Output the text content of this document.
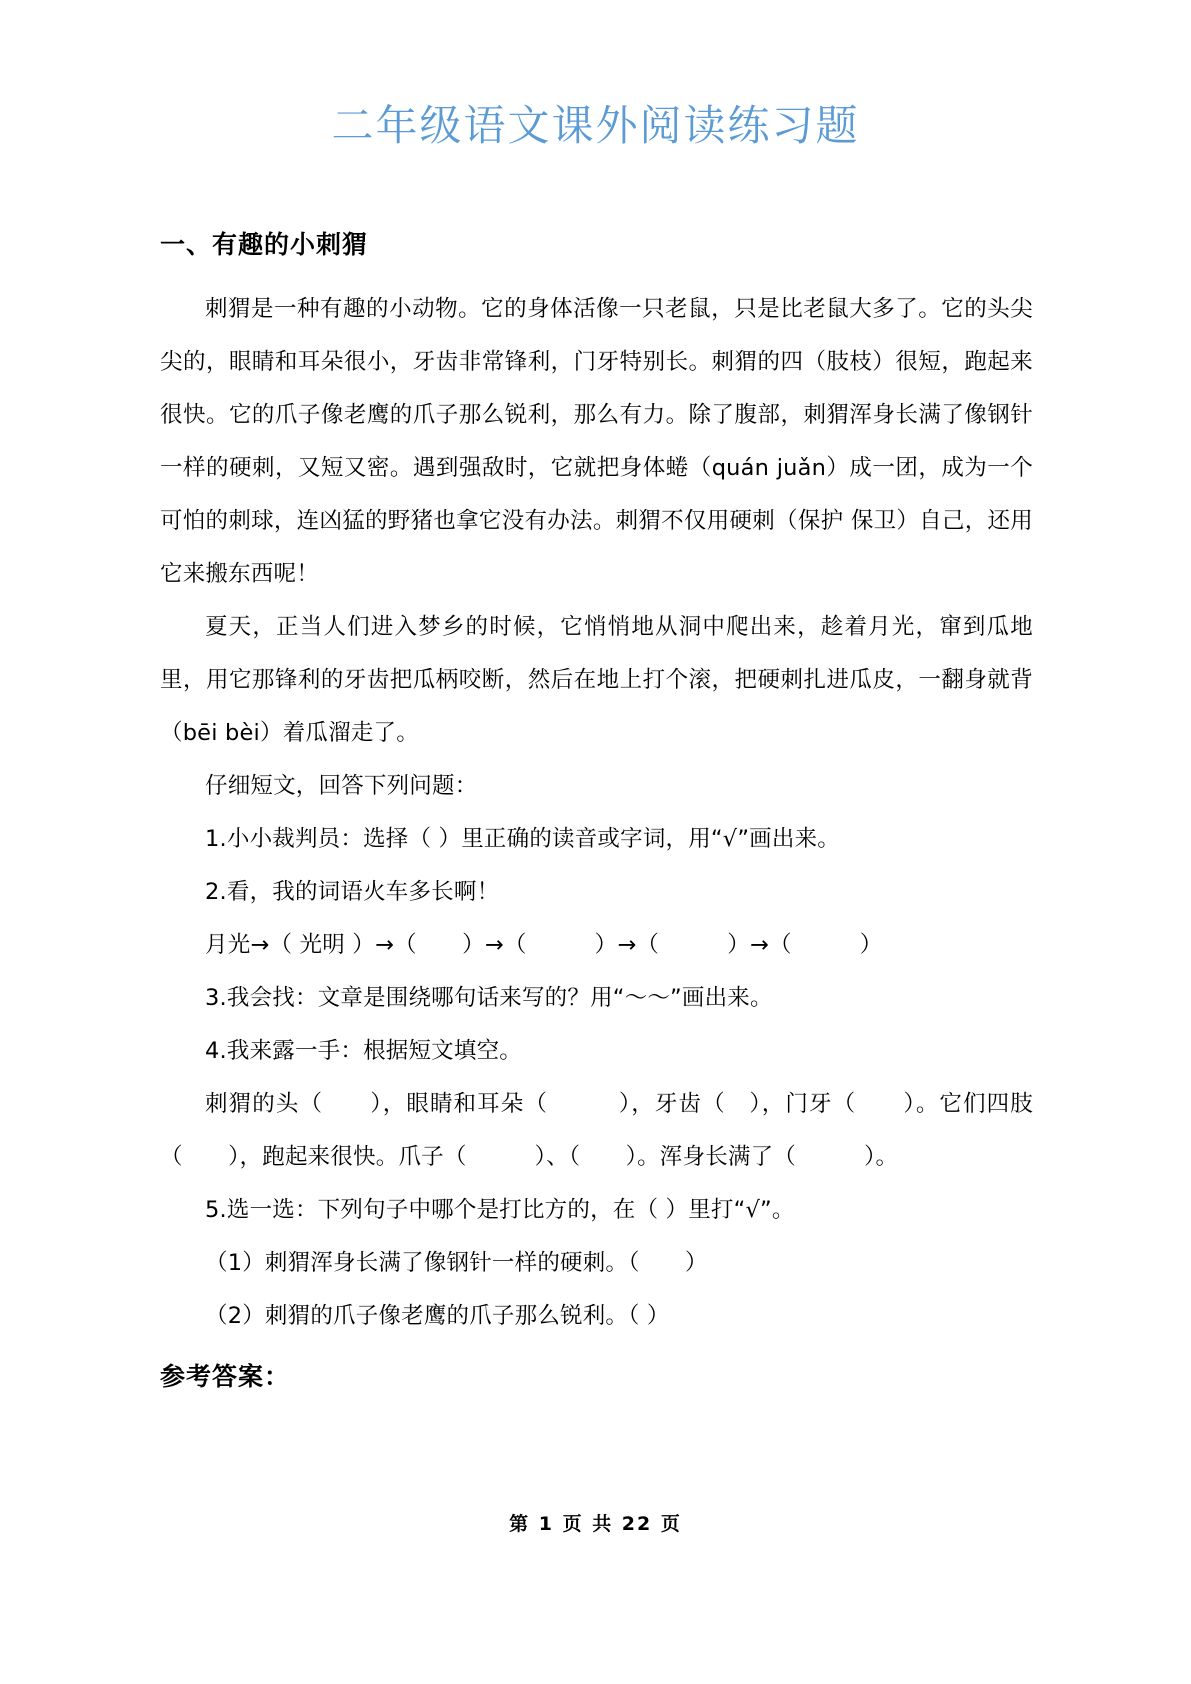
二年级语文课外阅读练习题
一、有趣的小刺猬

刺猬是一种有趣的小动物。它的身体活像一只老鼠，只是比老鼠大多了。它的头尖尖的，眼睛和耳朵很小，牙齿非常锋利，门牙特别长。刺猬的四（肢枝）很短，跑起来很快。它的爪子像老鹰的爪子那么锐利，那么有力。除了腹部，刺猬浑身长满了像钢针一样的硬刺，又短又密。遇到强敌时，它就把身体蜷（quán juǎn）成一团，成为一个可怕的刺球，连凶猛的野猪也拿它没有办法。刺猬不仅用硬刺（保护 保卫）自己，还用它来搬东西呢！

夏天，正当人们进入梦乡的时候，它悄悄地从洞中爬出来，趁着月光，窜到瓜地里，用它那锋利的牙齿把瓜柄咬断，然后在地上打个滚，把硬刺扎进瓜皮，一翻身就背（bēi bèi）着瓜溜走了。

仔细短文，回答下列问题：

1.小小裁判员：选择（ ）里正确的读音或字词，用“√”画出来。

2.看，我的词语火车多长啊！

月光→（ 光明 ）→（　　）→（　　　）→（　　　）→（　　　）

3.我会找：文章是围绕哪句话来写的？用“～～”画出来。

4.我来露一手：根据短文填空。

刺猬的头（　　），眼睛和耳朵（　　　），牙齿（　），门牙（　　）。它们四肢（　　），跑起来很快。爪子（　　　）、（　　）。浑身长满了（　　　）。

5.选一选：下列句子中哪个是打比方的，在（ ）里打“√”。

（1）刺猬浑身长满了像钢针一样的硬刺。（　　）

（2）刺猬的爪子像老鹰的爪子那么锐利。（ ）

参考答案：
第 1 页 共 22 页
